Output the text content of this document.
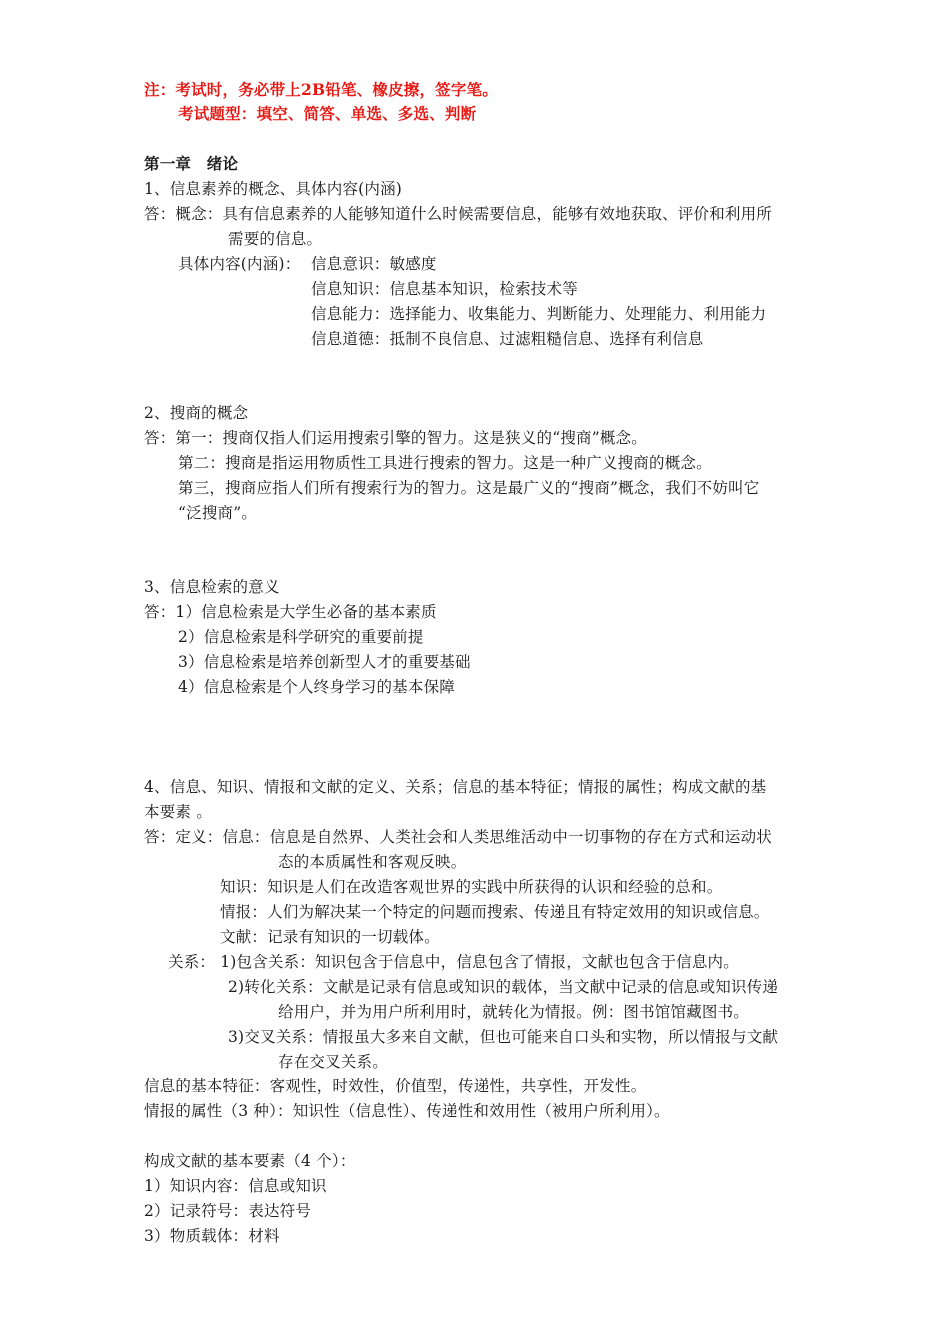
注：考试时，务必带上2B铅笔、橡皮擦，签字笔。
考试题型：填空、简答、单选、多选、判断
第一章　绪论
1、信息素养的概念、具体内容(内涵)
答：概念：具有信息素养的人能够知道什么时候需要信息，能够有效地获取、评价和利用所
需要的信息。
具体内容(内涵)： 信息意识：敏感度
信息知识：信息基本知识，检索技术等
信息能力：选择能力、收集能力、判断能力、处理能力、利用能力
信息道德：抵制不良信息、过滤粗糙信息、选择有利信息
2、搜商的概念
答：第一：搜商仅指人们运用搜索引擎的智力。这是狭义的“搜商”概念。
第二：搜商是指运用物质性工具进行搜索的智力。这是一种广义搜商的概念。
第三，搜商应指人们所有搜索行为的智力。这是最广义的“搜商”概念，我们不妨叫它
“泛搜商”。
3、信息检索的意义
答：1）信息检索是大学生必备的基本素质
2）信息检索是科学研究的重要前提
3）信息检索是培养创新型人才的重要基础
4）信息检索是个人终身学习的基本保障
4、信息、知识、情报和文献的定义、关系；信息的基本特征；情报的属性；构成文献的基
本要素 。
答：定义：信息：信息是自然界、人类社会和人类思维活动中一切事物的存在方式和运动状
态的本质属性和客观反映。
知识：知识是人们在改造客观世界的实践中所获得的认识和经验的总和。
情报：人们为解决某一个特定的问题而搜索、传递且有特定效用的知识或信息。
文献：记录有知识的一切载体。
关系： 1)包含关系：知识包含于信息中，信息包含了情报，文献也包含于信息内。
2)转化关系：文献是记录有信息或知识的载体，当文献中记录的信息或知识传递
给用户，并为用户所利用时，就转化为情报。例：图书馆馆藏图书。
3)交叉关系：情报虽大多来自文献，但也可能来自口头和实物，所以情报与文献
存在交叉关系。
信息的基本特征：客观性，时效性，价值型，传递性，共享性，开发性。
情报的属性（3 种）：知识性（信息性）、传递性和效用性（被用户所利用）。
构成文献的基本要素（4 个）：
1）知识内容：信息或知识
2）记录符号：表达符号
3）物质载体：材料
